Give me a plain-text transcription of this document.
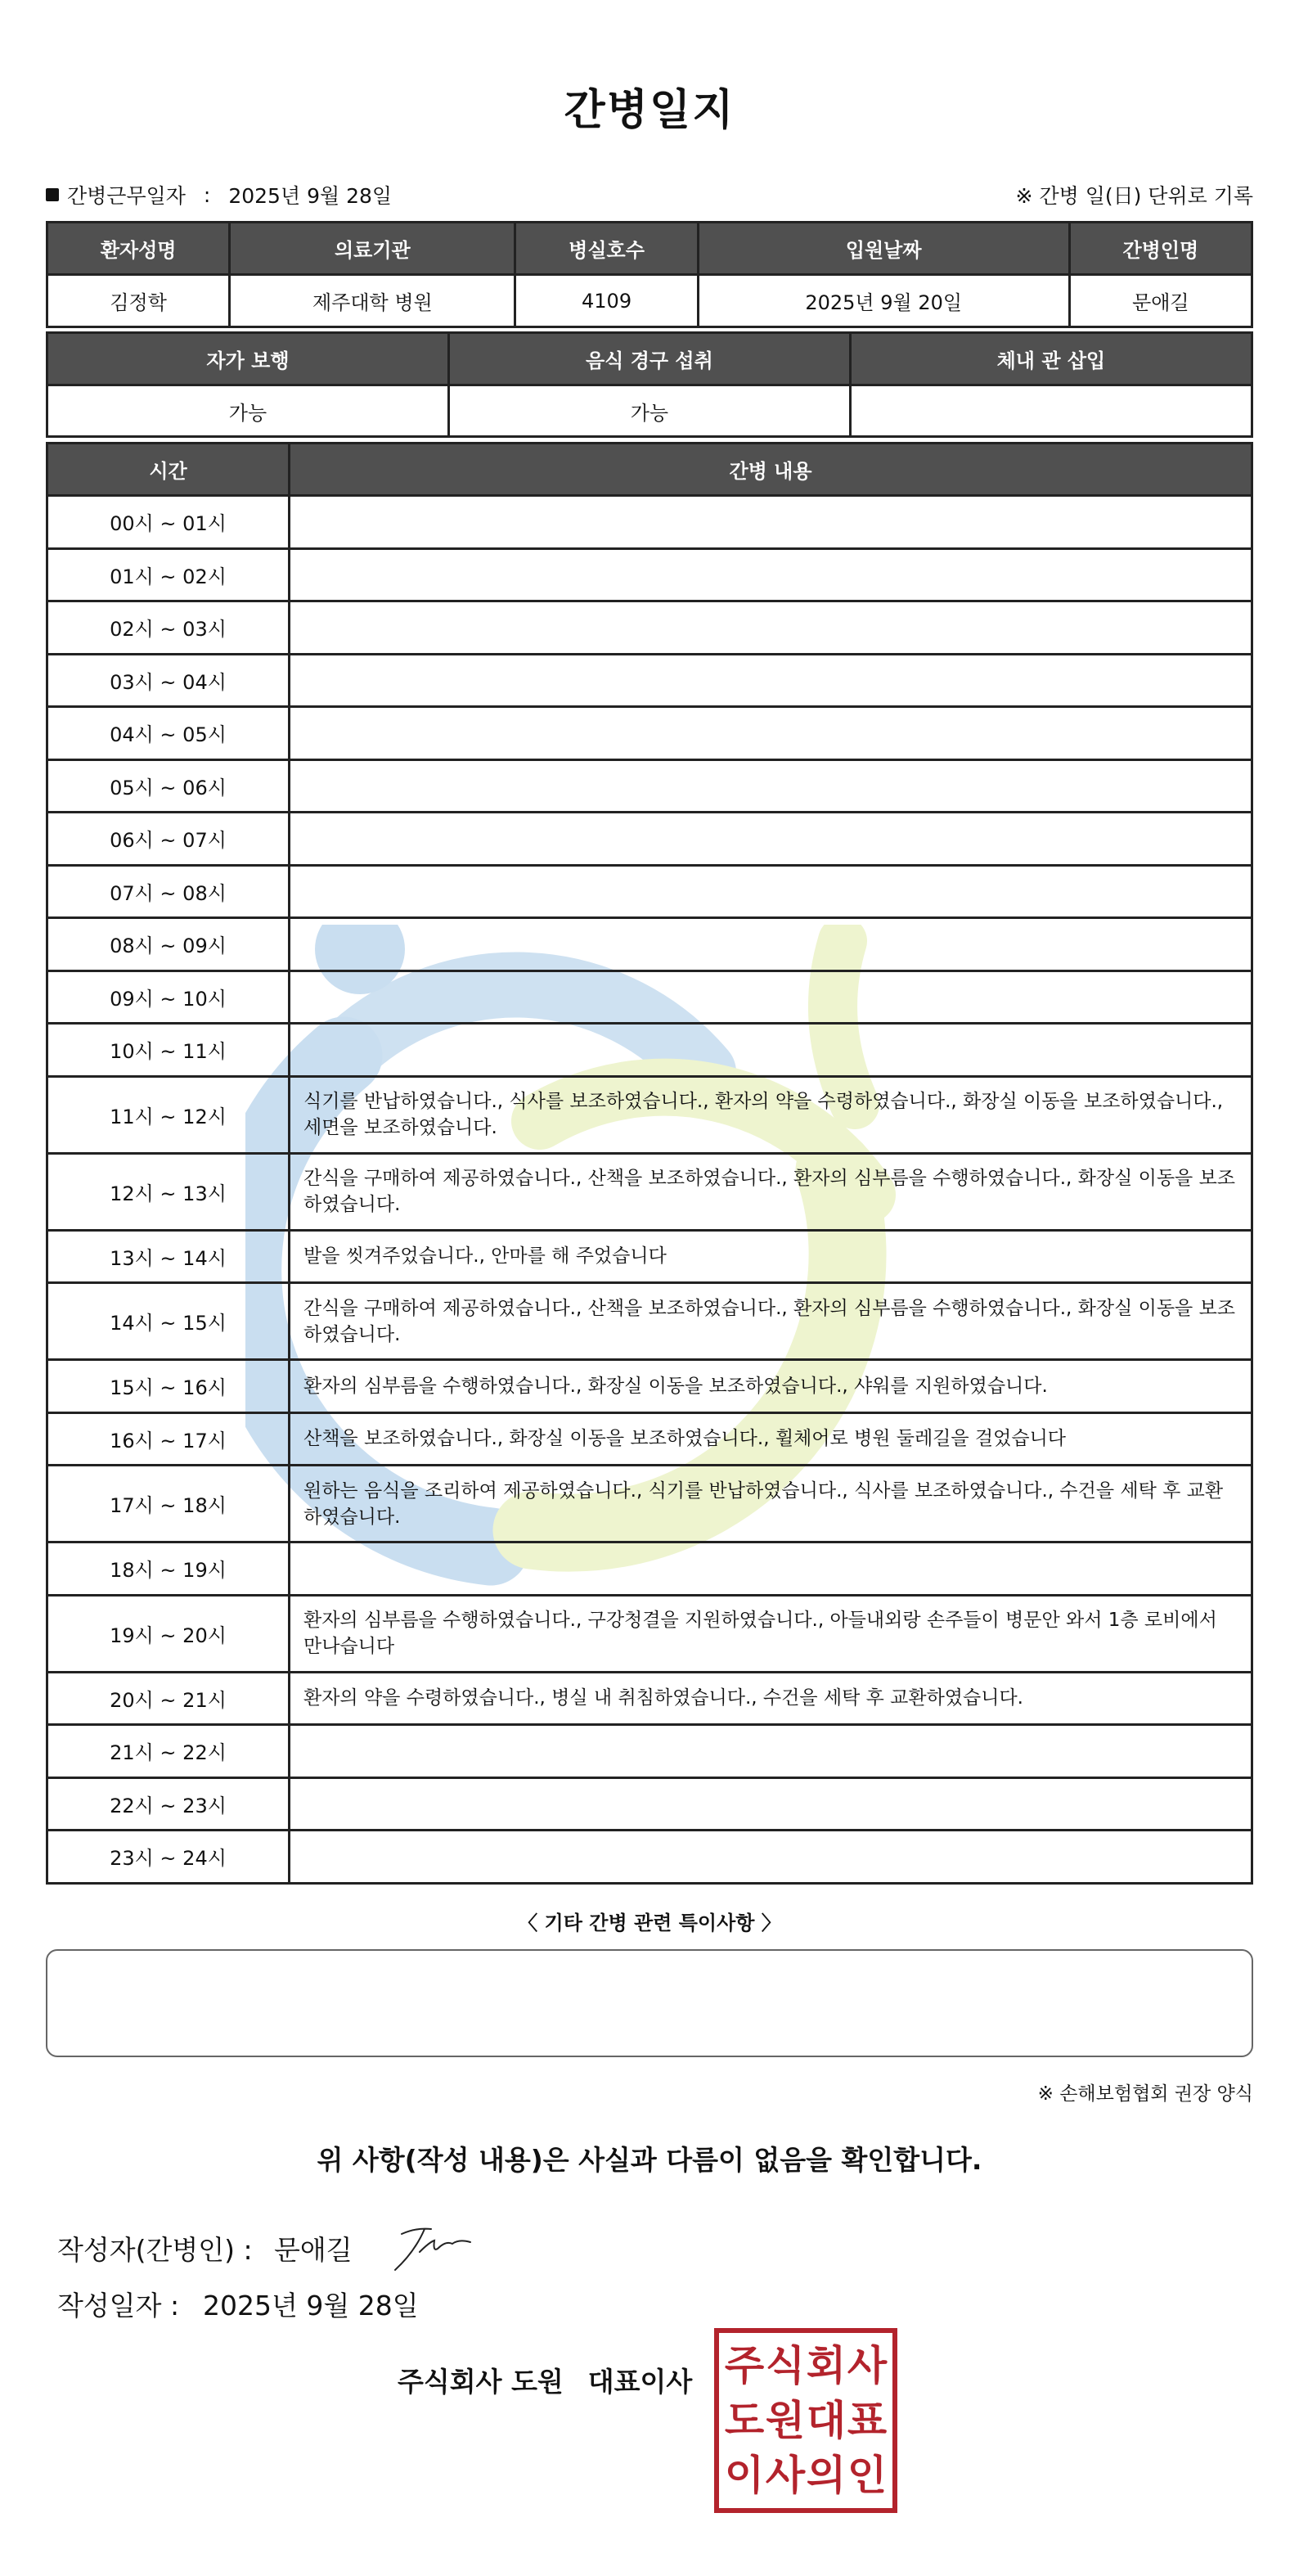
간병일지
간병근무일자 : 2025년 9월 28일	※ 간병 일(日) 단위로 기록
환자성명	의료기관	병실호수	입원날짜	간병인명
김정학	제주대학 병원	4109	2025년 9월 20일	문애길
자가 보행	음식 경구 섭취	체내 관 삽입
가능	가능	
시간	간병 내용
00시 ~ 01시	
01시 ~ 02시	
02시 ~ 03시	
03시 ~ 04시	
04시 ~ 05시	
05시 ~ 06시	
06시 ~ 07시	
07시 ~ 08시	
08시 ~ 09시	
09시 ~ 10시	
10시 ~ 11시	
11시 ~ 12시	식기를 반납하였습니다., 식사를 보조하였습니다., 환자의 약을 수령하였습니다., 화장실 이동을 보조하였습니다., 세면을 보조하였습니다.
12시 ~ 13시	간식을 구매하여 제공하였습니다., 산책을 보조하였습니다., 환자의 심부름을 수행하였습니다., 화장실 이동을 보조하였습니다.
13시 ~ 14시	발을 씻겨주었습니다., 안마를 해 주었습니다
14시 ~ 15시	간식을 구매하여 제공하였습니다., 산책을 보조하였습니다., 환자의 심부름을 수행하였습니다., 화장실 이동을 보조하였습니다.
15시 ~ 16시	환자의 심부름을 수행하였습니다., 화장실 이동을 보조하였습니다., 샤워를 지원하였습니다.
16시 ~ 17시	산책을 보조하였습니다., 화장실 이동을 보조하였습니다., 휠체어로 병원 둘레길을 걸었습니다
17시 ~ 18시	원하는 음식을 조리하여 제공하였습니다., 식기를 반납하였습니다., 식사를 보조하였습니다., 수건을 세탁 후 교환하였습니다.
18시 ~ 19시	
19시 ~ 20시	환자의 심부름을 수행하였습니다., 구강청결을 지원하였습니다., 아들내외랑 손주들이 병문안 와서 1층 로비에서 만나습니다
20시 ~ 21시	환자의 약을 수령하였습니다., 병실 내 취침하였습니다., 수건을 세탁 후 교환하였습니다.
21시 ~ 22시	
22시 ~ 23시	
23시 ~ 24시	
〈 기타 간병 관련 특이사항 〉
※ 손해보험협회 권장 양식
위 사항(작성 내용)은 사실과 다름이 없음을 확인합니다.
작성자(간병인) : 문애길
작성일자 : 2025년 9월 28일
주식회사 도원 대표이사 주 식 회 사
도 원 대 표
이 사 의 인
